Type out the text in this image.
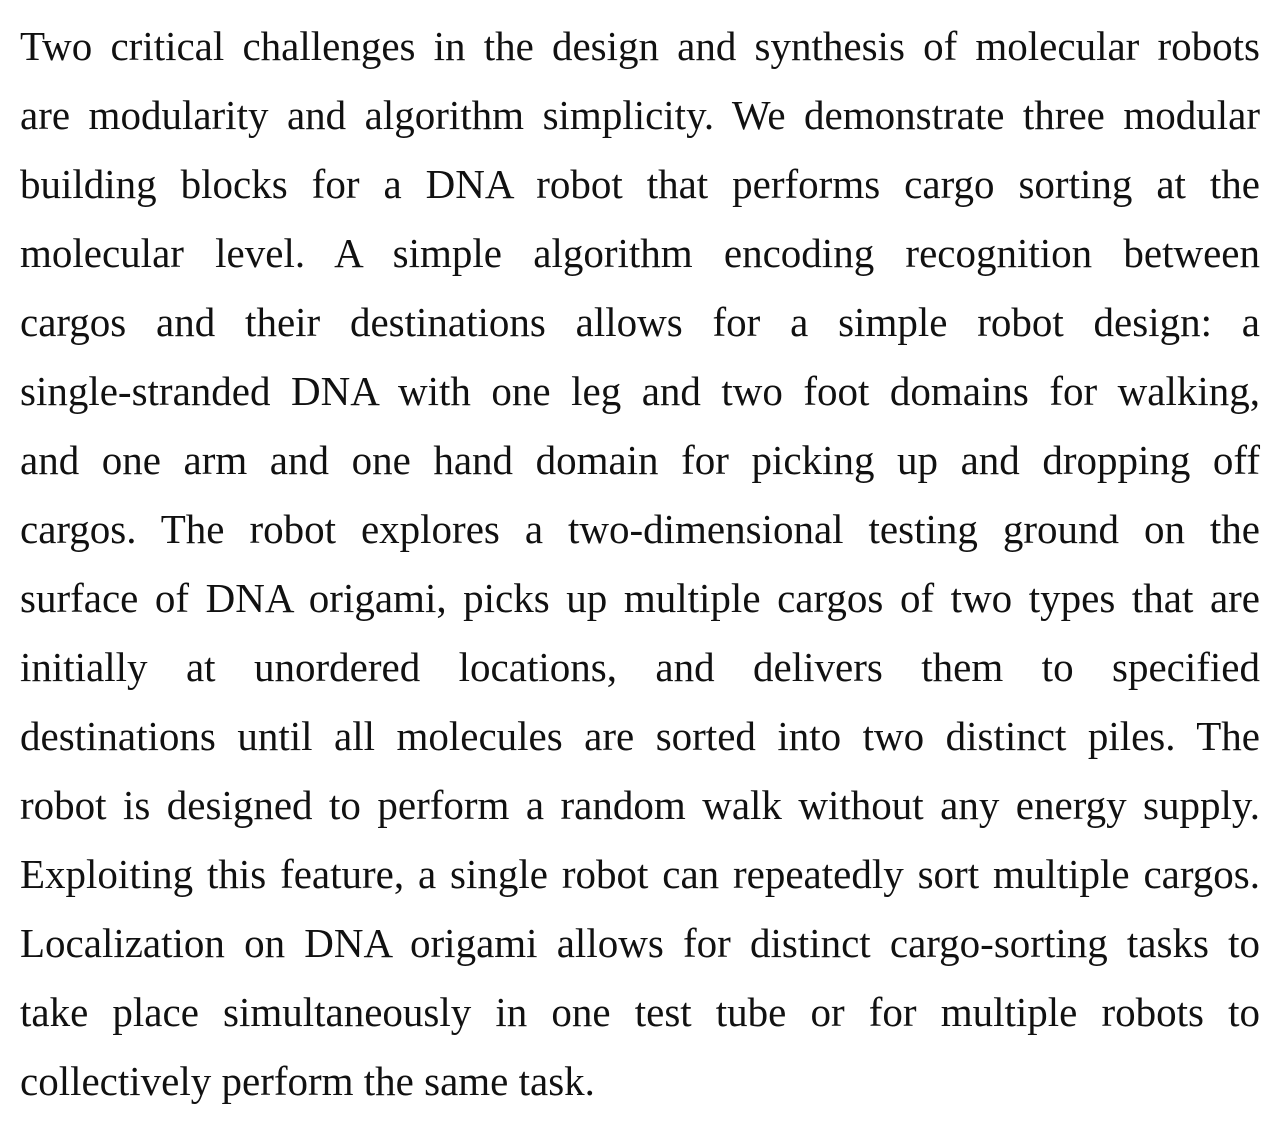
Two critical challenges in the design and synthesis of molecular robots
are modularity and algorithm simplicity. We demonstrate three modular
building blocks for a DNA robot that performs cargo sorting at the
molecular level. A simple algorithm encoding recognition between
cargos and their destinations allows for a simple robot design: a
single-stranded DNA with one leg and two foot domains for walking,
and one arm and one hand domain for picking up and dropping off
cargos. The robot explores a two-dimensional testing ground on the
surface of DNA origami, picks up multiple cargos of two types that are
initially at unordered locations, and delivers them to specified
destinations until all molecules are sorted into two distinct piles. The
robot is designed to perform a random walk without any energy supply.
Exploiting this feature, a single robot can repeatedly sort multiple cargos.
Localization on DNA origami allows for distinct cargo-sorting tasks to
take place simultaneously in one test tube or for multiple robots to
collectively perform the same task.
